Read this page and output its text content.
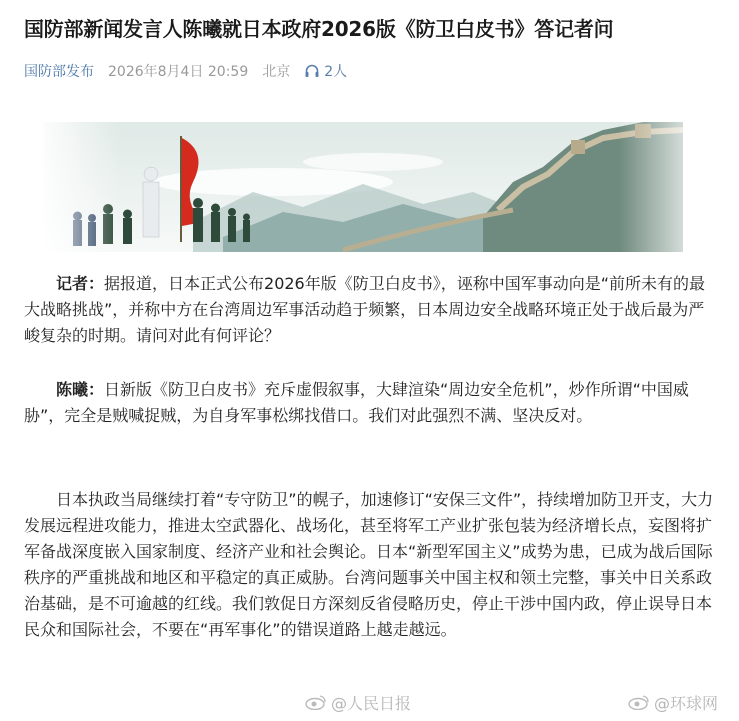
国防部新闻发言人陈曦就日本政府2026版《防卫白皮书》答记者问
国防部发布 2026年8月4日 20:59 北京 2人

记者：据报道，日本正式公布2026年版《防卫白皮书》，诬称中国军事动向是“前所未有的最大战略挑战”，并称中方在台湾周边军事活动趋于频繁，日本周边安全战略环境正处于战后最为严峻复杂的时期。请问对此有何评论？

陈曦：日新版《防卫白皮书》充斥虚假叙事，大肆渲染“周边安全危机”，炒作所谓“中国威胁”，完全是贼喊捉贼，为自身军事松绑找借口。我们对此强烈不满、坚决反对。

日本执政当局继续打着“专守防卫”的幌子，加速修订“安保三文件”，持续增加防卫开支，大力发展远程进攻能力，推进太空武器化、战场化，甚至将军工产业扩张包装为经济增长点，妄图将扩军备战深度嵌入国家制度、经济产业和社会舆论。日本“新型军国主义”成势为患，已成为战后国际秩序的严重挑战和地区和平稳定的真正威胁。台湾问题事关中国主权和领土完整，事关中日关系政治基础，是不可逾越的红线。我们敦促日方深刻反省侵略历史，停止干涉中国内政，停止误导日本民众和国际社会，不要在“再军事化”的错误道路上越走越远。

@人民日报	@环球网
